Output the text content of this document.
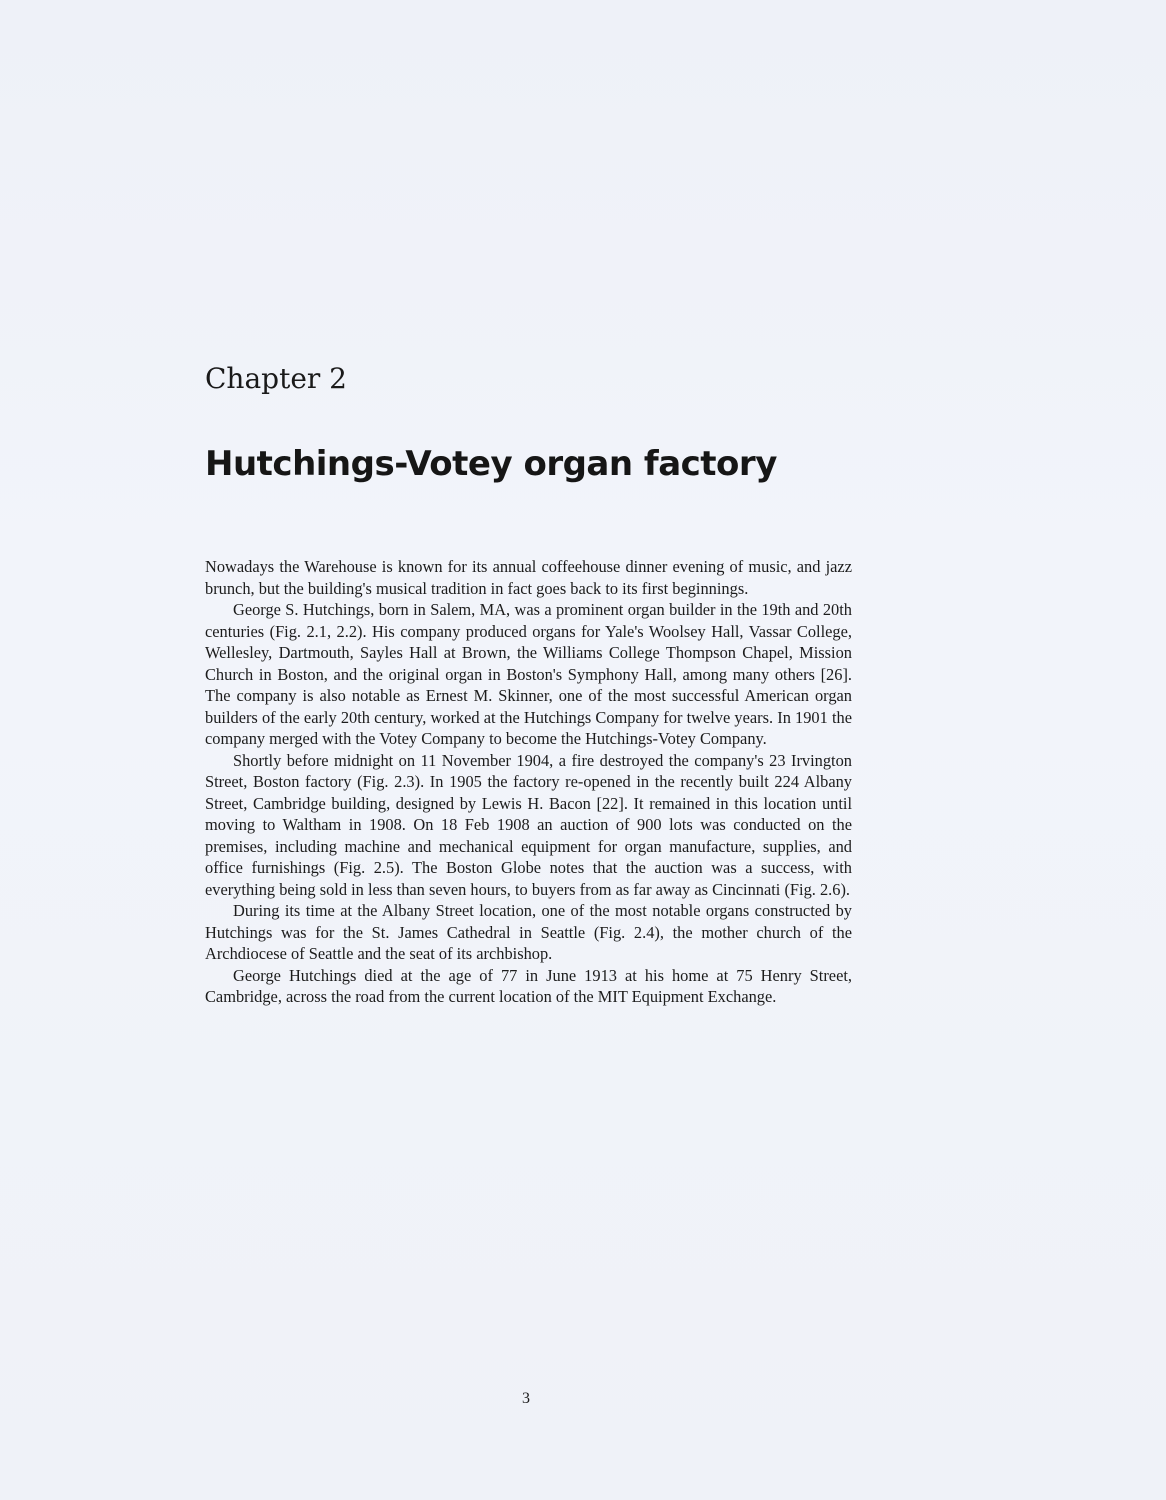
Chapter 2
Hutchings-Votey organ factory

Nowadays the Warehouse is known for its annual coffeehouse dinner evening of music, and jazz brunch, but the building's musical tradition in fact goes back to its first beginnings.

George S. Hutchings, born in Salem, MA, was a prominent organ builder in the 19th and 20th centuries (Fig. 2.1, 2.2). His company produced organs for Yale's Woolsey Hall, Vassar College, Wellesley, Dartmouth, Sayles Hall at Brown, the Williams College Thompson Chapel, Mission Church in Boston, and the original organ in Boston's Symphony Hall, among many others [26]. The company is also notable as Ernest M. Skinner, one of the most successful American organ builders of the early 20th century, worked at the Hutchings Company for twelve years. In 1901 the company merged with the Votey Company to become the Hutchings-Votey Company.

Shortly before midnight on 11 November 1904, a fire destroyed the company's 23 Irvington Street, Boston factory (Fig. 2.3). In 1905 the factory re-opened in the recently built 224 Albany Street, Cambridge building, designed by Lewis H. Bacon [22]. It remained in this location until moving to Waltham in 1908. On 18 Feb 1908 an auction of 900 lots was conducted on the premises, including machine and mechanical equipment for organ manufacture, supplies, and office furnishings (Fig. 2.5). The Boston Globe notes that the auction was a success, with everything being sold in less than seven hours, to buyers from as far away as Cincinnati (Fig. 2.6).

During its time at the Albany Street location, one of the most notable organs constructed by Hutchings was for the St. James Cathedral in Seattle (Fig. 2.4), the mother church of the Archdiocese of Seattle and the seat of its archbishop.

George Hutchings died at the age of 77 in June 1913 at his home at 75 Henry Street, Cambridge, across the road from the current location of the MIT Equipment Exchange.

3
